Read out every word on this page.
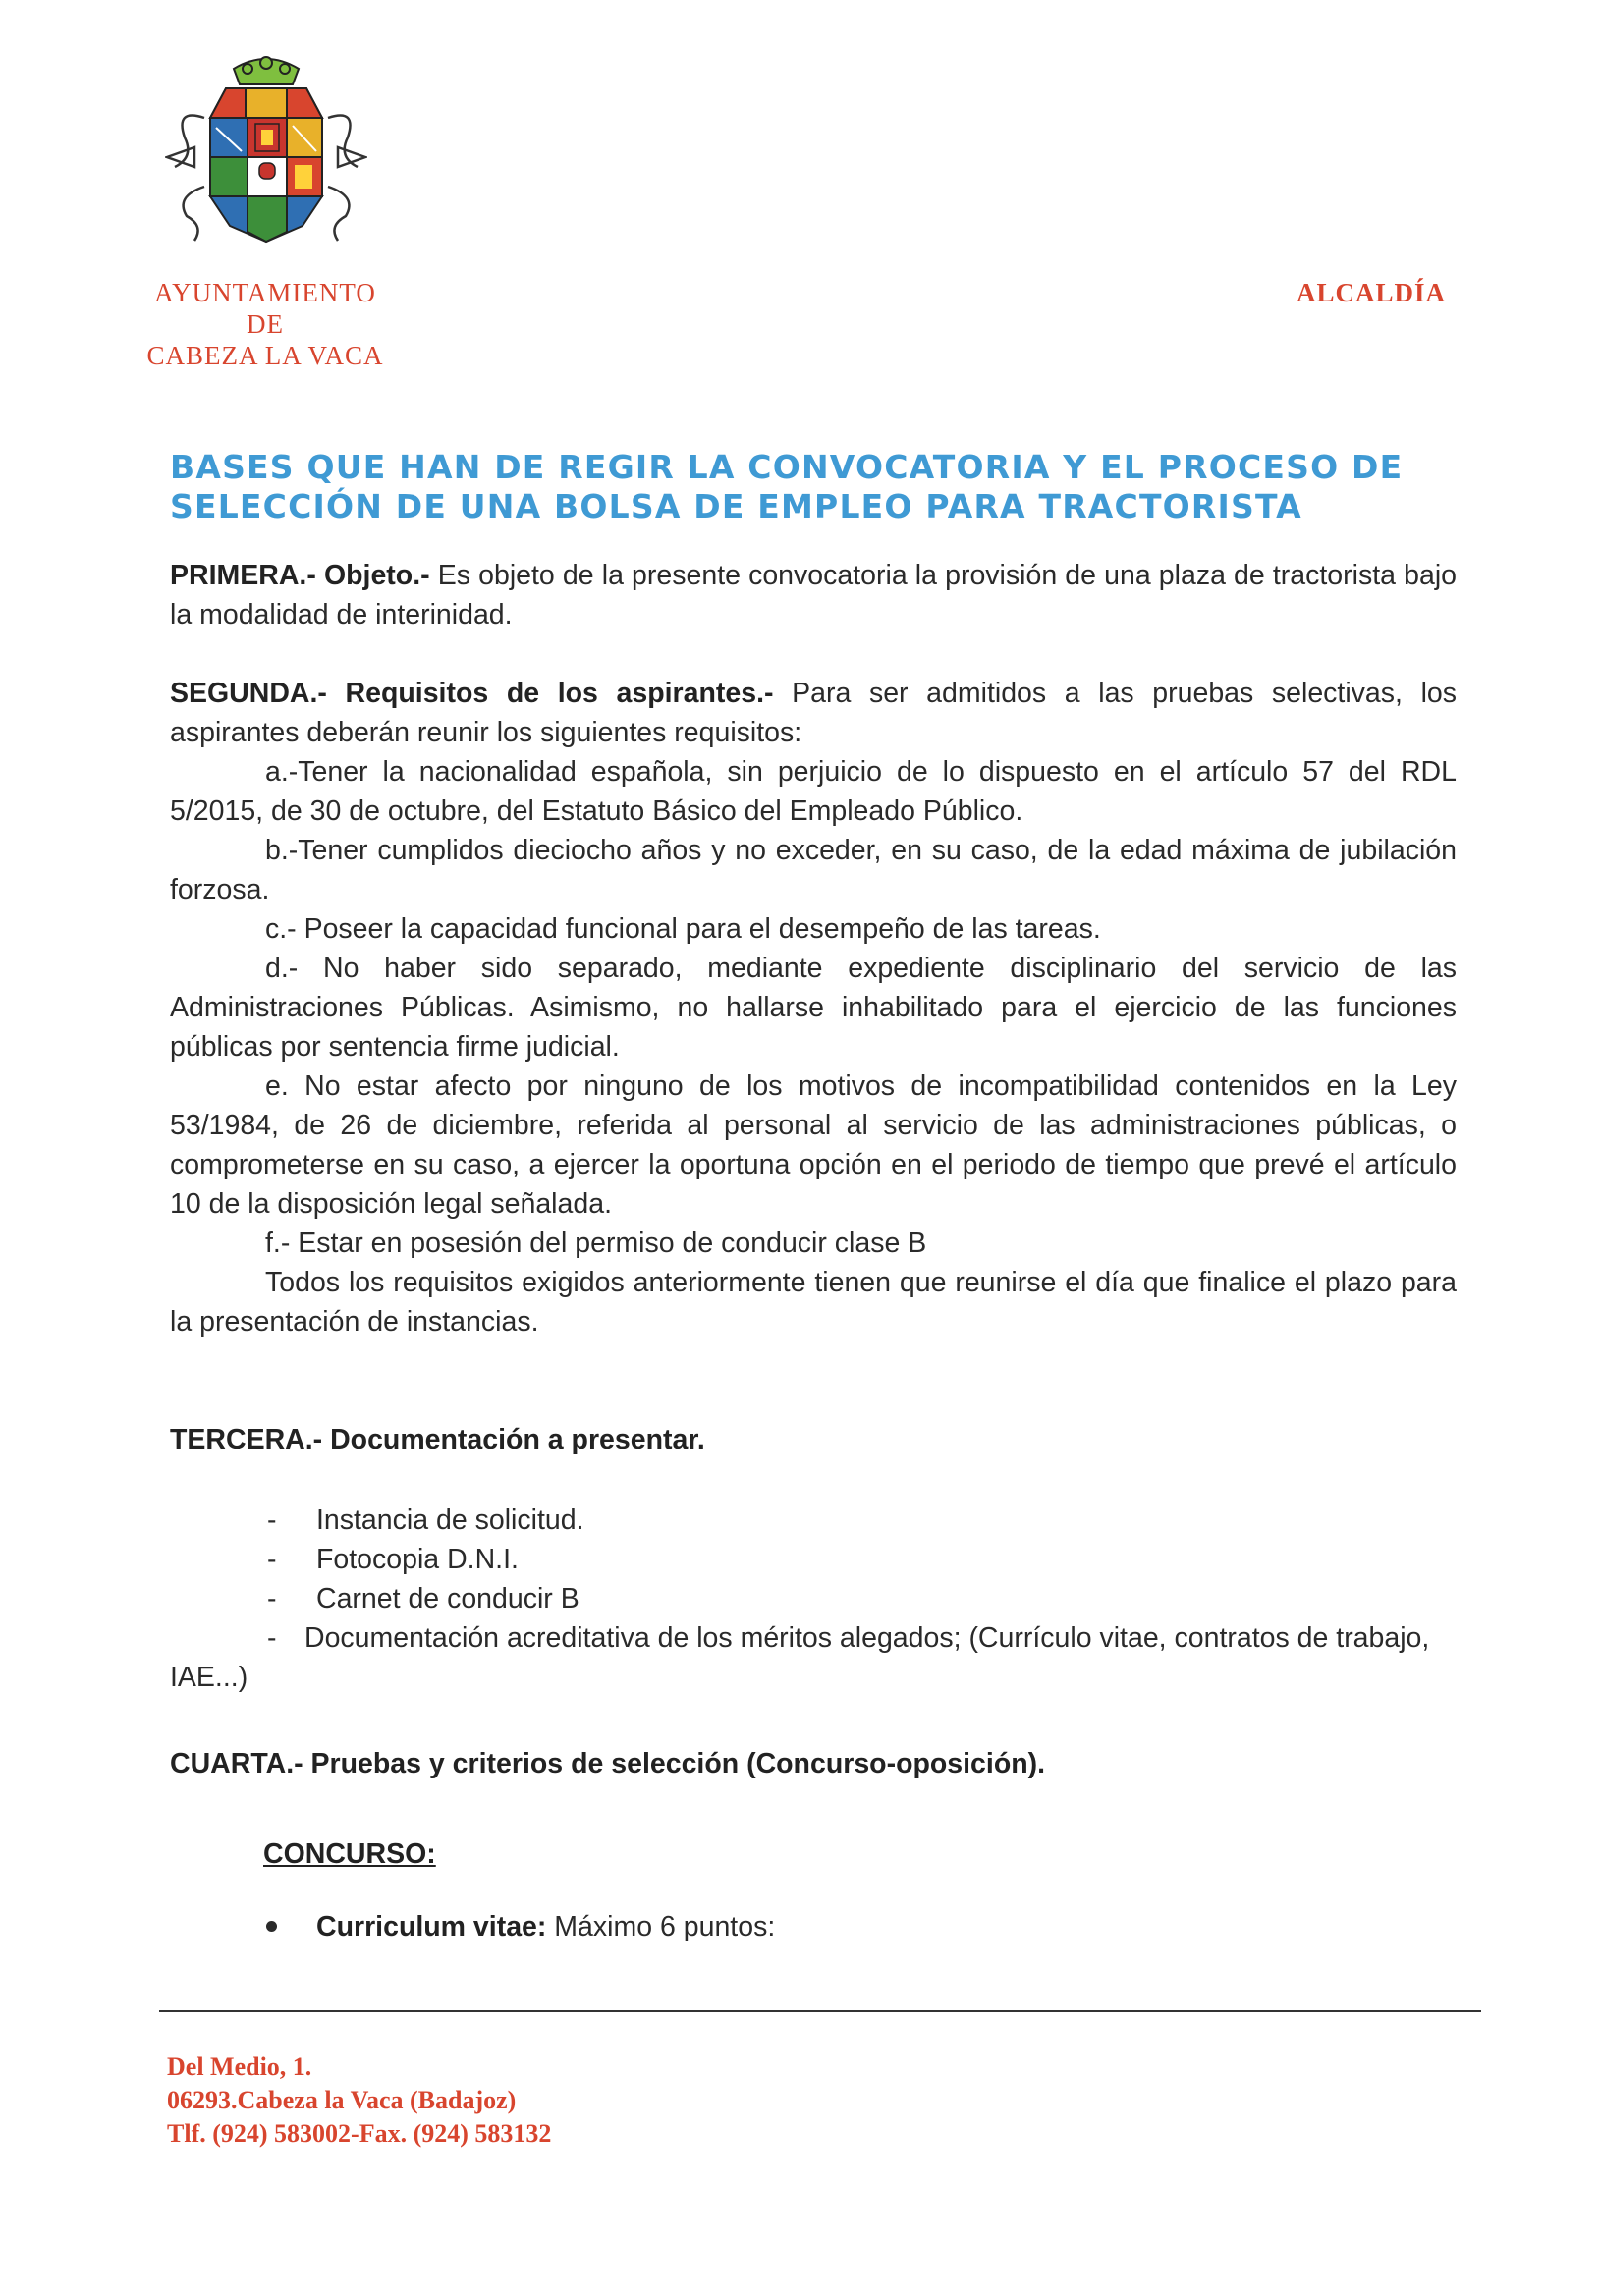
AYUNTAMIENTO
DE
CABEZA LA VACA
ALCALDÍA
BASES QUE HAN DE REGIR LA CONVOCATORIA Y EL PROCESO DE
SELECCIÓN DE UNA BOLSA DE EMPLEO PARA TRACTORISTA
PRIMERA.- Objeto.- Es objeto de la presente convocatoria la provisión de una plaza de tractorista bajo la modalidad de interinidad.
SEGUNDA.- Requisitos de los aspirantes.- Para ser admitidos a las pruebas selectivas, los aspirantes deberán reunir los siguientes requisitos:
a.-Tener la nacionalidad española, sin perjuicio de lo dispuesto en el artículo 57 del RDL 5/2015, de 30 de octubre, del Estatuto Básico del Empleado Público.
b.-Tener cumplidos dieciocho años y no exceder, en su caso, de la edad máxima de jubilación forzosa.
c.- Poseer la capacidad funcional para el desempeño de las tareas.
d.- No haber sido separado, mediante expediente disciplinario del servicio de las Administraciones Públicas. Asimismo, no hallarse inhabilitado para el ejercicio de las funciones públicas por sentencia firme judicial.
e. No estar afecto por ninguno de los motivos de incompatibilidad contenidos en la Ley 53/1984, de 26 de diciembre, referida al personal al servicio de las administraciones públicas, o comprometerse en su caso, a ejercer la oportuna opción en el periodo de tiempo que prevé el artículo 10 de la disposición legal señalada.
f.- Estar en posesión del permiso de conducir clase B
Todos los requisitos exigidos anteriormente tienen que reunirse el día que finalice el plazo para la presentación de instancias.
TERCERA.- Documentación a presentar.
- Instancia de solicitud.
- Fotocopia D.N.I.
- Carnet de conducir B
- Documentación acreditativa de los méritos alegados; (Currículo vitae, contratos de trabajo,
IAE...)
CUARTA.- Pruebas y criterios de selección (Concurso-oposición).
CONCURSO:
Curriculum vitae: Máximo 6 puntos:
Del Medio, 1.
06293.Cabeza la Vaca (Badajoz)
Tlf. (924) 583002-Fax. (924) 583132
